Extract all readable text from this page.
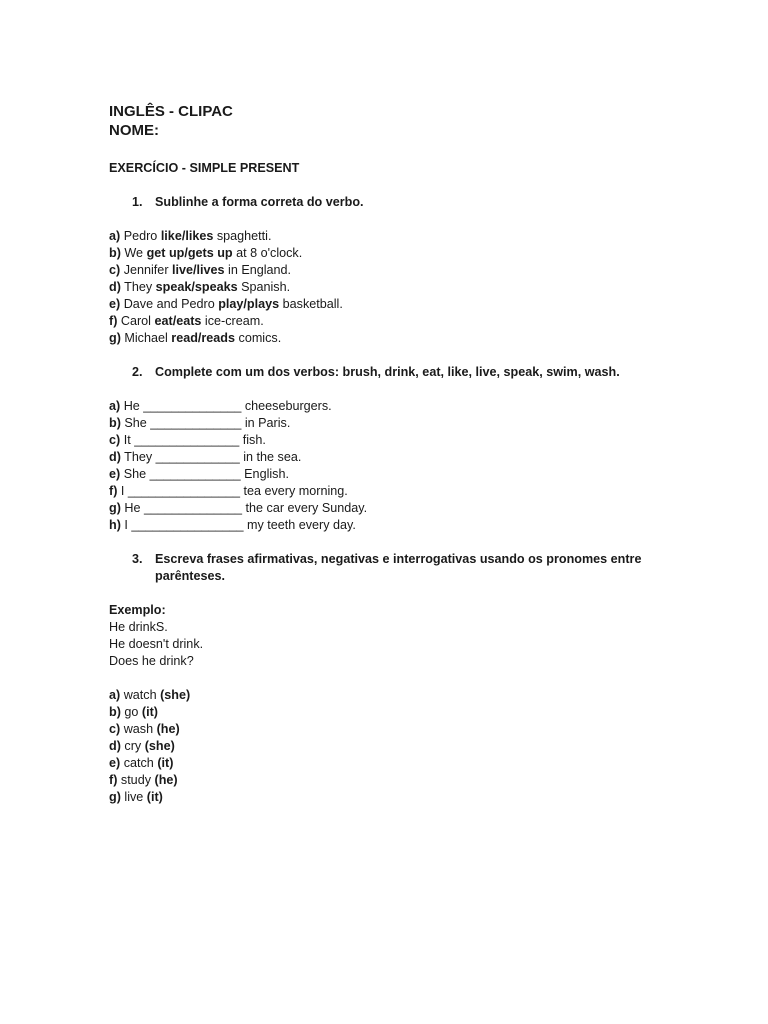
INGLÊS - CLIPAC

NOME:

EXERCÍCIO - SIMPLE PRESENT

1. Sublinhe a forma correta do verbo.

a) Pedro like/likes spaghetti.

b) We get up/gets up at 8 o'clock.

c) Jennifer live/lives in England.

d) They speak/speaks Spanish.

e) Dave and Pedro play/plays basketball.

f) Carol eat/eats ice-cream.

g) Michael read/reads comics.

2. Complete com um dos verbos: brush, drink, eat, like, live, speak, swim, wash.

a) He ______________ cheeseburgers.

b) She _____________ in Paris.

c) It _______________ fish.

d) They ____________ in the sea.

e) She _____________ English.

f) I ________________ tea every morning.

g) He ______________ the car every Sunday.

h) I ________________ my teeth every day.

3. Escreva frases afirmativas, negativas e interrogativas usando os pronomes entre parênteses.

Exemplo:

He drinkS.

He doesn't drink.

Does he drink?

a) watch (she)

b) go (it)

c) wash (he)

d) cry (she)

e) catch (it)

f) study (he)

g) live (it)
